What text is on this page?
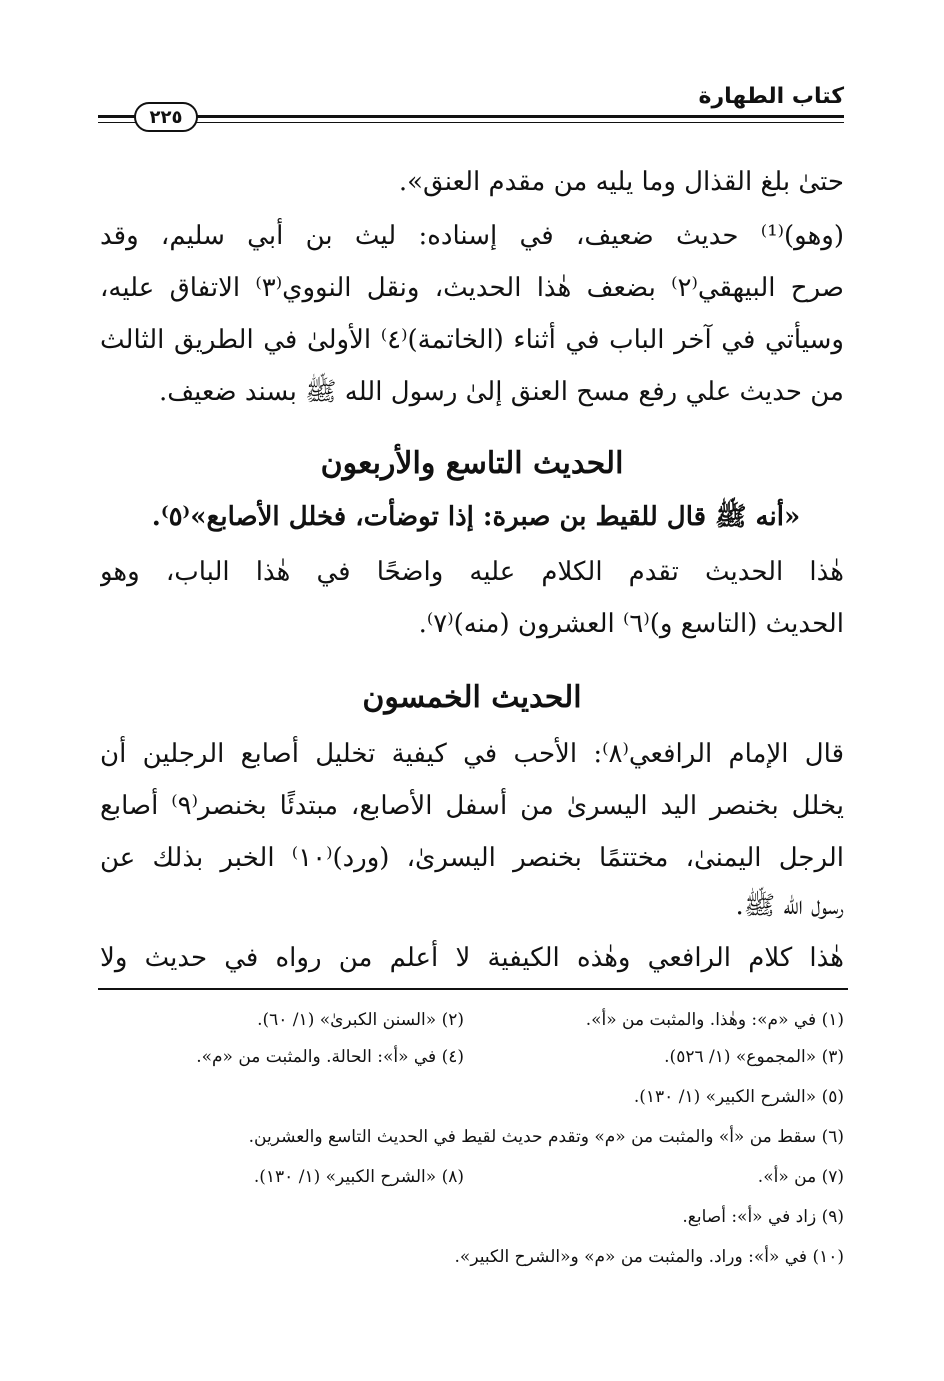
كتاب الطهارة
٢٢٥
حتىٰ بلغ القذال وما يليه من مقدم العنق».
(وهو)⁽¹⁾ حديث ضعيف، في إسناده: ليث بن أبي سليم، وقد
صرح البيهقي⁽٢⁾ بضعف هٰذا الحديث، ونقل النووي⁽٣⁾ الاتفاق عليه،
وسيأتي في آخر الباب في أثناء (الخاتمة)⁽٤⁾ الأولىٰ في الطريق الثالث
من حديث علي رفع مسح العنق إلىٰ رسول الله ﷺ بسند ضعيف.
الحديث التاسع والأربعون
«أنه ﷺ قال للقيط بن صبرة: إذا توضأت، فخلل الأصابع»⁽٥⁾.
هٰذا الحديث تقدم الكلام عليه واضحًا في هٰذا الباب، وهو
الحديث (التاسع و)⁽٦⁾ العشرون (منه)⁽٧⁾.
الحديث الخمسون
قال الإمام الرافعي⁽٨⁾: الأحب في كيفية تخليل أصابع الرجلين أن
يخلل بخنصر اليد اليسرىٰ من أسفل الأصابع، مبتدئًا بخنصر⁽٩⁾ أصابع
الرجل اليمنىٰ، مختتمًا بخنصر اليسرىٰ، (ورد)⁽١٠⁾ الخبر بذلك عن
رسول الله ﷺ.
هٰذا كلام الرافعي وهٰذه الكيفية لا أعلم من رواه في حديث ولا
(١) في «م»: وهٰذا. والمثبت من «أ».
(٢) «السنن الكبرىٰ» (١/ ٦٠).
(٣) «المجموع» (١/ ٥٢٦).
(٤) في «أ»: الحالة. والمثبت من «م».
(٥) «الشرح الكبير» (١/ ١٣٠).
(٦) سقط من «أ» والمثبت من «م» وتقدم حديث لقيط في الحديث التاسع والعشرين.
(٧) من «أ».
(٨) «الشرح الكبير» (١/ ١٣٠).
(٩) زاد في «أ»: أصابع.
(١٠) في «أ»: وراد. والمثبت من «م» و«الشرح الكبير».
